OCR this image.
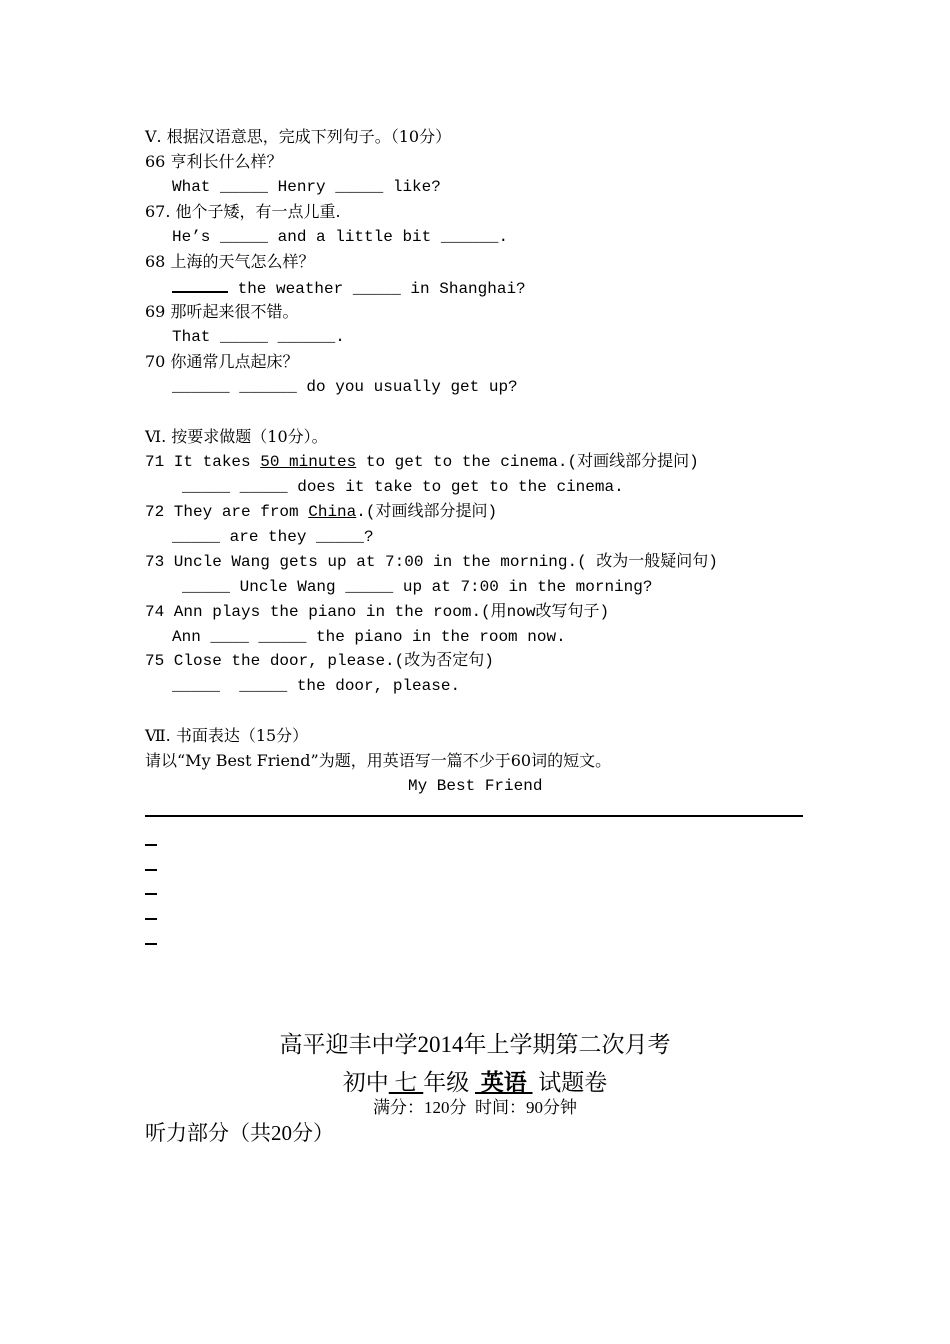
Ⅴ. 根据汉语意思，完成下列句子。（10分）
66 亨利长什么样？
What _____ Henry _____ like?
67. 他个子矮，有一点儿重.
He’s _____ and a little bit ______.
68 上海的天气怎么样？
the weather _____ in Shanghai?
69 那听起来很不错。
That _____ ______.
70 你通常几点起床？
______ ______ do you usually get up?
Ⅵ. 按要求做题（10分）。
71 It takes 50 minutes to get to the cinema.(对画线部分提问)
_____ _____ does it take to get to the cinema.
72 They are from China.(对画线部分提问)
_____ are they _____?
73 Uncle Wang gets up at 7:00 in the morning.( 改为一般疑问句)
_____ Uncle Wang _____ up at 7:00 in the morning?
74 Ann plays the piano in the room.(用now改写句子)
Ann ____ _____ the piano in the room now.
75 Close the door, please.(改为否定句)
_____  _____ the door, please.
Ⅶ. 书面表达（15分）
请以“My Best Friend”为题，用英语写一篇不少于60词的短文。
My Best Friend
高平迎丰中学2014年上学期第二次月考
初中 七 年级  英语  试题卷
满分：120分  时间：90分钟
听力部分（共20分）
